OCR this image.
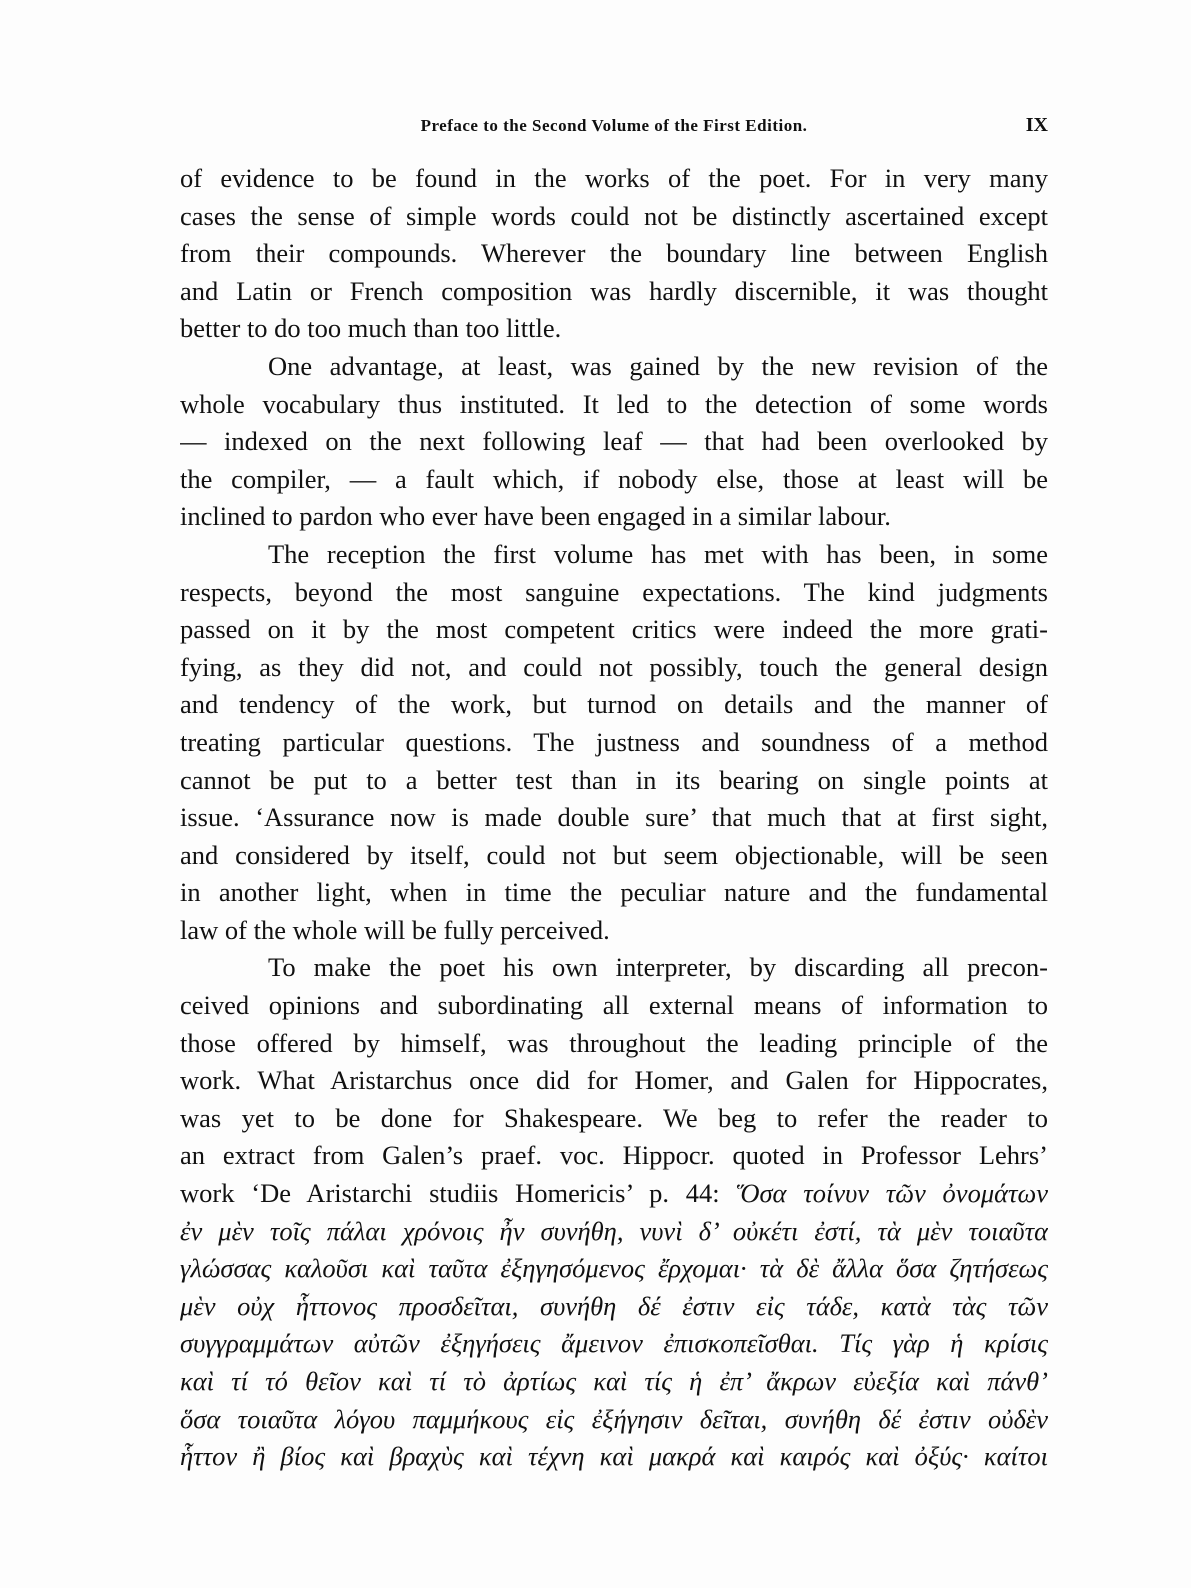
Preface to the Second Volume of the First Edition.	IX
of evidence to be found in the works of the poet. For in very many
cases the sense of simple words could not be distinctly ascertained except
from their compounds. Wherever the boundary line between English
and Latin or French composition was hardly discernible, it was thought
better to do too much than too little.
One advantage, at least, was gained by the new revision of the
whole vocabulary thus instituted. It led to the detection of some words
— indexed on the next following leaf — that had been overlooked by
the compiler, — a fault which, if nobody else, those at least will be
inclined to pardon who ever have been engaged in a similar labour.
The reception the first volume has met with has been, in some
respects, beyond the most sanguine expectations. The kind judgments
passed on it by the most competent critics were indeed the more grati-
fying, as they did not, and could not possibly, touch the general design
and tendency of the work, but turnod on details and the manner of
treating particular questions. The justness and soundness of a method
cannot be put to a better test than in its bearing on single points at
issue. ‘Assurance now is made double sure’ that much that at first sight,
and considered by itself, could not but seem objectionable, will be seen
in another light, when in time the peculiar nature and the fundamental
law of the whole will be fully perceived.
To make the poet his own interpreter, by discarding all precon-
ceived opinions and subordinating all external means of information to
those offered by himself, was throughout the leading principle of the
work. What Aristarchus once did for Homer, and Galen for Hippocrates,
was yet to be done for Shakespeare. We beg to refer the reader to
an extract from Galen’s praef. voc. Hippocr. quoted in Professor Lehrs’
work ‘De Aristarchi studiis Homericis’ p. 44: Ὅσα τοίνυν τῶν ὀνομάτων
ἐν μὲν τοῖς πάλαι χρόνοις ἦν συνήθη, νυνὶ δ’ οὐκέτι ἐστί, τὰ μὲν τοιαῦτα
γλώσσας καλοῦσι καὶ ταῦτα ἐξηγησόμενος ἔρχομαι· τὰ δὲ ἄλλα ὅσα ζητήσεως
μὲν οὐχ ἧττονος προσδεῖται, συνήθη δέ ἐστιν εἰς τάδε, κατὰ τὰς τῶν
συγγραμμάτων αὐτῶν ἐξηγήσεις ἄμεινον ἐπισκοπεῖσθαι. Τίς γὰρ ἡ κρίσις
καὶ τί τό θεῖον καὶ τί τὸ ἀρτίως καὶ τίς ἡ ἐπ’ ἄκρων εὐεξία καὶ πάνθ’
ὅσα τοιαῦτα λόγου παμμήκους εἰς ἐξήγησιν δεῖται, συνήθη δέ ἐστιν οὐδὲν
ἧττον ἢ βίος καὶ βραχὺς καὶ τέχνη καὶ μακρά καὶ καιρός καὶ ὀξύς· καίτοι
